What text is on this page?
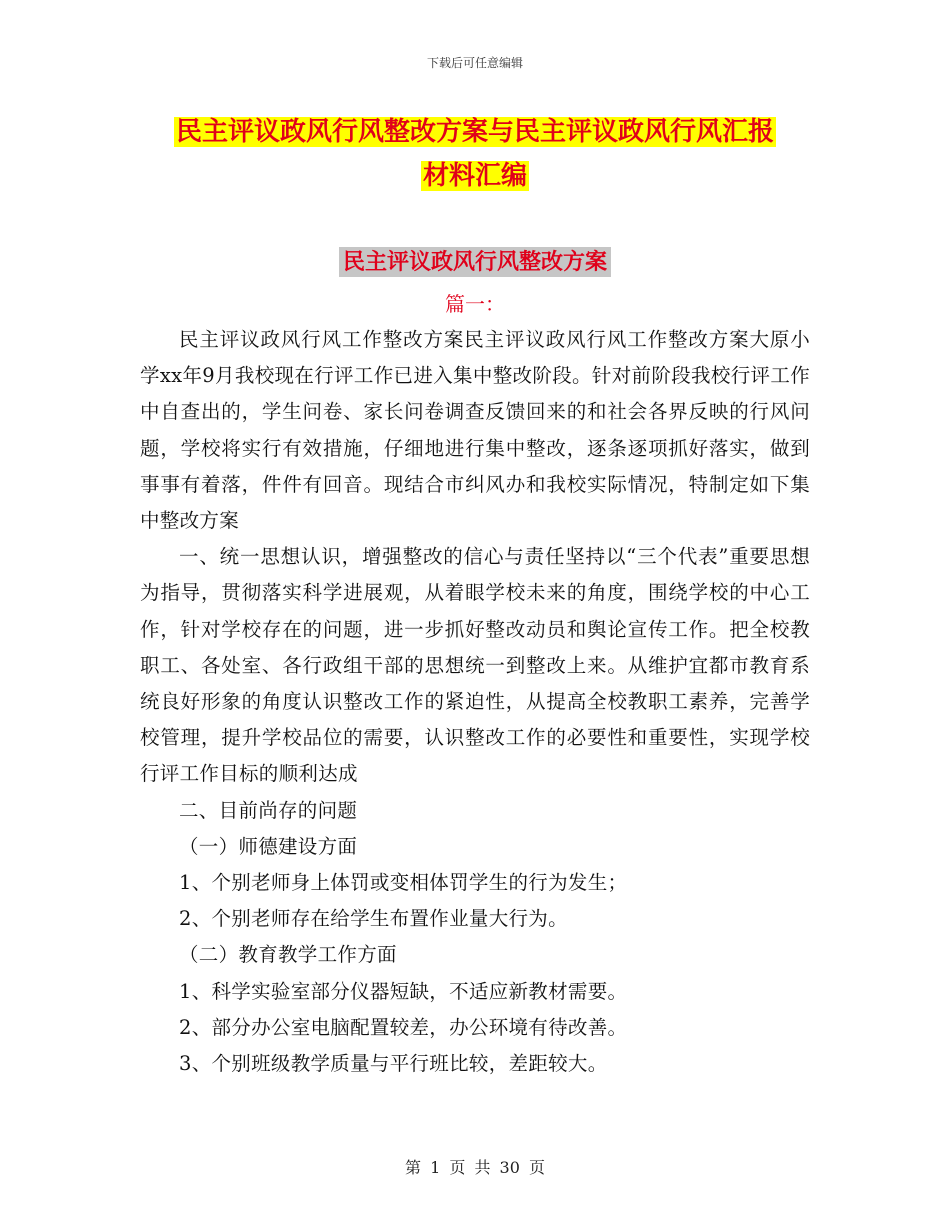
下载后可任意编辑
民主评议政风行风整改方案与民主评议政风行风汇报
材料汇编
民主评议政风行风整改方案
篇一：

民主评议政风行风工作整改方案民主评议政风行风工作整改方案大原小学xx年9月我校现在行评工作已进入集中整改阶段。针对前阶段我校行评工作中自查出的，学生问卷、家长问卷调查反馈回来的和社会各界反映的行风问题，学校将实行有效措施，仔细地进行集中整改，逐条逐项抓好落实，做到事事有着落，件件有回音。现结合市纠风办和我校实际情况，特制定如下集中整改方案

一、统一思想认识，增强整改的信心与责任坚持以“三个代表”重要思想为指导，贯彻落实科学进展观，从着眼学校未来的角度，围绕学校的中心工作，针对学校存在的问题，进一步抓好整改动员和舆论宣传工作。把全校教职工、各处室、各行政组干部的思想统一到整改上来。从维护宜都市教育系统良好形象的角度认识整改工作的紧迫性，从提高全校教职工素养，完善学校管理，提升学校品位的需要，认识整改工作的必要性和重要性，实现学校行评工作目标的顺利达成

二、目前尚存的问题

（一）师德建设方面

1、个别老师身上体罚或变相体罚学生的行为发生；

2、个别老师存在给学生布置作业量大行为。

（二）教育教学工作方面

1、科学实验室部分仪器短缺，不适应新教材需要。

2、部分办公室电脑配置较差，办公环境有待改善。

3、个别班级教学质量与平行班比较，差距较大。

第 1 页 共 30 页
